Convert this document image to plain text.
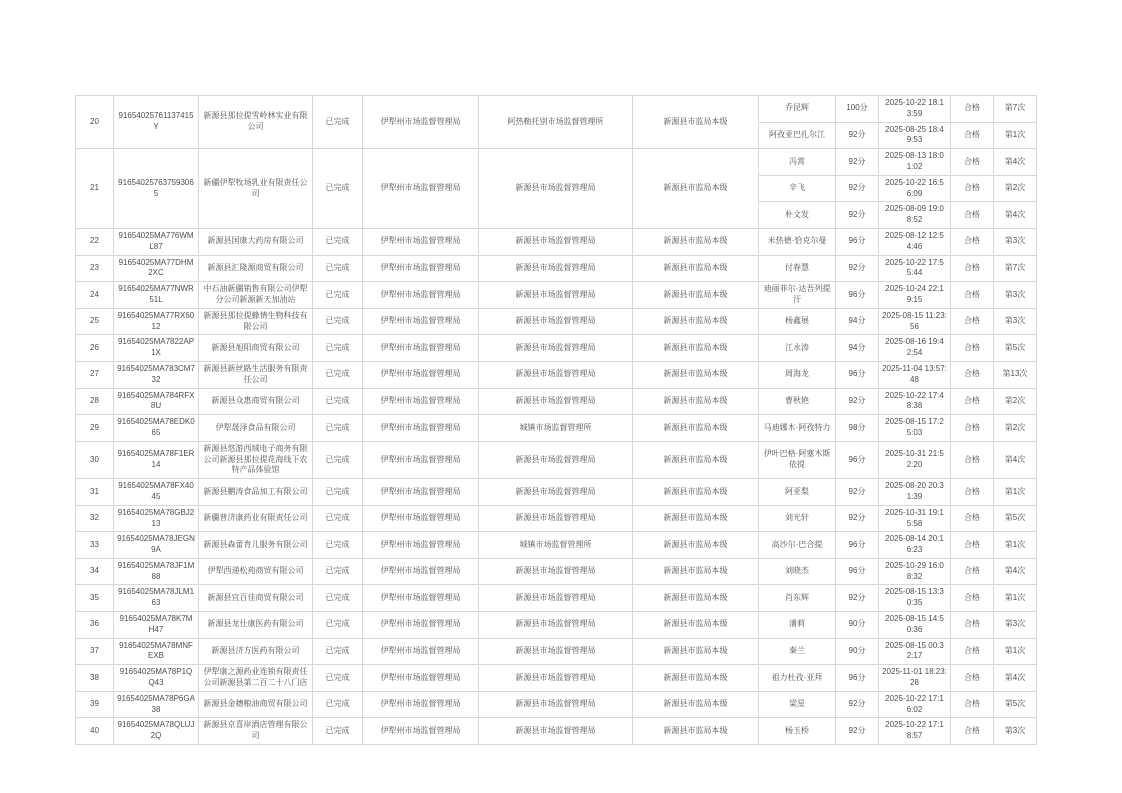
20	91654025761137415Y	新源县那拉提雪岭林实业有限公司	已完成	伊犁州市场监督管理局	阿热勒托别市场监督管理所	新源县市监局本级	乔昆辉	100分	2025-10-22 18:13:59	合格	第7次
							阿孜亚巴扎尔江	92分	2025-08-25 18:49:53	合格	第1次
21	916540257637593065	新疆伊犁牧场乳业有限责任公司	已完成	伊犁州市场监督管理局	新源县市场监督管理局	新源县市监局本级	冯霄	92分	2025-08-13 18:01:02	合格	第4次
							辛飞	92分	2025-10-22 16:56:09	合格	第2次
							朴文发	92分	2025-08-09 19:08:52	合格	第4次
22	91654025MA776WML87	新源县国康大药房有限公司	已完成	伊犁州市场监督管理局	新源县市场监督管理局	新源县市监局本级	米热德·恰克尔曼	96分	2025-08-12 12:54:46	合格	第3次
23	91654025MA77DHM2XC	新源县汇隆源商贸有限公司	已完成	伊犁州市场监督管理局	新源县市场监督管理局	新源县市监局本级	付春慧	92分	2025-10-22 17:55:44	合格	第7次
24	91654025MA77NWR51L	中石油新疆销售有限公司伊犁分公司新源新天加油站	已完成	伊犁州市场监督管理局	新源县市场监督管理局	新源县市监局本级	迪丽菲尔·达吾列提汗	96分	2025-10-24 22:19:15	合格	第3次
25	91654025MA77RX6012	新源县那拉提蜂情生物科技有限公司	已完成	伊犁州市场监督管理局	新源县市场监督管理局	新源县市监局本级	杨鑫展	94分	2025-08-15 11:23:56	合格	第3次
26	91654025MA7822AP1X	新源县旭阳商贸有限公司	已完成	伊犁州市场监督管理局	新源县市场监督管理局	新源县市监局本级	江永涛	94分	2025-08-16 19:42:54	合格	第5次
27	91654025MA783CM732	新源县新丝路生活服务有限责任公司	已完成	伊犁州市场监督管理局	新源县市场监督管理局	新源县市监局本级	周海龙	96分	2025-11-04 13:57:48	合格	第13次
28	91654025MA784RFX8U	新源县众惠商贸有限公司	已完成	伊犁州市场监督管理局	新源县市场监督管理局	新源县市监局本级	曹秋艳	92分	2025-10-22 17:48:38	合格	第2次
29	91654025MA78EDK065	伊犁晟泽食品有限公司	已完成	伊犁州市场监督管理局	城镇市场监督管理所	新源县市监局本级	马迪娜木·阿孜特力	98分	2025-08-15 17:25:03	合格	第2次
30	91654025MA78F1ER14	新源县悠游西域电子商务有限公司新源县那拉提花海线下农特产品体验馆	已完成	伊犁州市场监督管理局	新源县市场监督管理局	新源县市监局本级	伊叶巴格·阿塞木斯依提	96分	2025-10-31 21:52:20	合格	第4次
31	91654025MA78FX4045	新源县鹏涛食品加工有限公司	已完成	伊犁州市场监督管理局	新源县市场监督管理局	新源县市监局本级	阿亚梨	92分	2025-08-20 20:31:39	合格	第1次
32	91654025MA78GBJ213	新疆普济康药业有限责任公司	已完成	伊犁州市场监督管理局	新源县市场监督管理局	新源县市监局本级	刘光轩	92分	2025-10-31 19:15:58	合格	第5次
33	91654025MA78JEGN9A	新源县森蕾育儿服务有限公司	已完成	伊犁州市场监督管理局	城镇市场监督管理所	新源县市监局本级	高沙尔·巴合提	96分	2025-08-14 20:16:23	合格	第1次
34	91654025MA78JF1M88	伊犁西递松苑商贸有限公司	已完成	伊犁州市场监督管理局	新源县市场监督管理局	新源县市监局本级	刘晓杰	96分	2025-10-29 16:08:32	合格	第4次
35	91654025MA78JLM163	新源县宜百佳商贸有限公司	已完成	伊犁州市场监督管理局	新源县市场监督管理局	新源县市监局本级	肖东辉	92分	2025-08-15 13:30:35	合格	第1次
36	91654025MA78K7MH47	新源县龙仕康医药有限公司	已完成	伊犁州市场监督管理局	新源县市场监督管理局	新源县市监局本级	潘莉	90分	2025-08-15 14:50:36	合格	第3次
37	91654025MA78MNFEXB	新源县济方医药有限公司	已完成	伊犁州市场监督管理局	新源县市场监督管理局	新源县市监局本级	秦兰	90分	2025-08-15 00:32:17	合格	第1次
38	91654025MA78P1QQ43	伊犁康之源药业连锁有限责任公司新源县第二百二十八门店	已完成	伊犁州市场监督管理局	新源县市场监督管理局	新源县市监局本级	祖力杜孜·亚拜	96分	2025-11-01 18:23:28	合格	第4次
39	91654025MA78P6GA38	新源县金穗粮油商贸有限公司	已完成	伊犁州市场监督管理局	新源县市场监督管理局	新源县市监局本级	梁星	92分	2025-10-22 17:16:02	合格	第5次
40	91654025MA78QLUJ2Q	新源县京喜岸酒店管理有限公司	已完成	伊犁州市场监督管理局	新源县市场监督管理局	新源县市监局本级	杨玉桥	92分	2025-10-22 17:18:57	合格	第3次
